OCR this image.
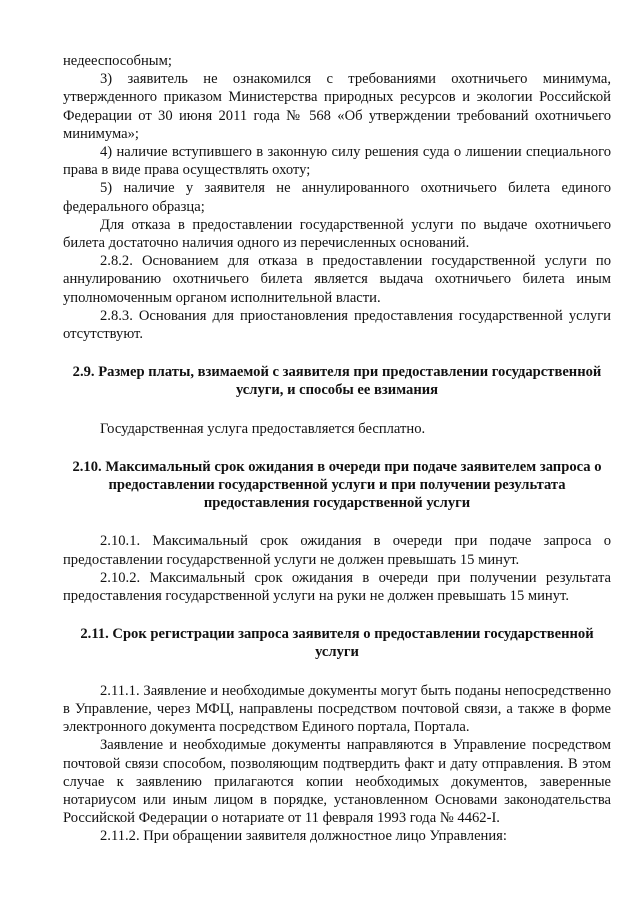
недееспособным;

3) заявитель не ознакомился с требованиями охотничьего минимума, утвержденного приказом Министерства природных ресурсов и экологии Российской Федерации от 30 июня 2011 года № 568 «Об утверждении требований охотничьего минимума»;

4) наличие вступившего в законную силу решения суда о лишении специального права в виде права осуществлять охоту;

5) наличие у заявителя не аннулированного охотничьего билета единого федерального образца;

Для отказа в предоставлении государственной услуги по выдаче охотничьего билета достаточно наличия одного из перечисленных оснований.

2.8.2. Основанием для отказа в предоставлении государственной услуги по аннулированию охотничьего билета является выдача охотничьего билета иным уполномоченным органом исполнительной власти.

2.8.3. Основания для приостановления предоставления государственной услуги отсутствуют.

2.9. Размер платы, взимаемой с заявителя при предоставлении государственной услуги, и способы ее взимания

Государственная услуга предоставляется бесплатно.

2.10. Максимальный срок ожидания в очереди при подаче заявителем запроса о предоставлении государственной услуги и при получении результата предоставления государственной услуги

2.10.1. Максимальный срок ожидания в очереди при подаче запроса о предоставлении государственной услуги не должен превышать 15 минут.

2.10.2. Максимальный срок ожидания в очереди при получении результата предоставления государственной услуги на руки не должен превышать 15 минут.

2.11. Срок регистрации запроса заявителя о предоставлении государственной услуги

2.11.1. Заявление и необходимые документы могут быть поданы непосредственно в Управление, через МФЦ, направлены посредством почтовой связи, а также в форме электронного документа посредством Единого портала, Портала.

Заявление и необходимые документы направляются в Управление посредством почтовой связи способом, позволяющим подтвердить факт и дату отправления. В этом случае к заявлению прилагаются копии необходимых документов, заверенные нотариусом или иным лицом в порядке, установленном Основами законодательства Российской Федерации о нотариате от 11 февраля 1993 года № 4462-I.

2.11.2. При обращении заявителя должностное лицо Управления:
